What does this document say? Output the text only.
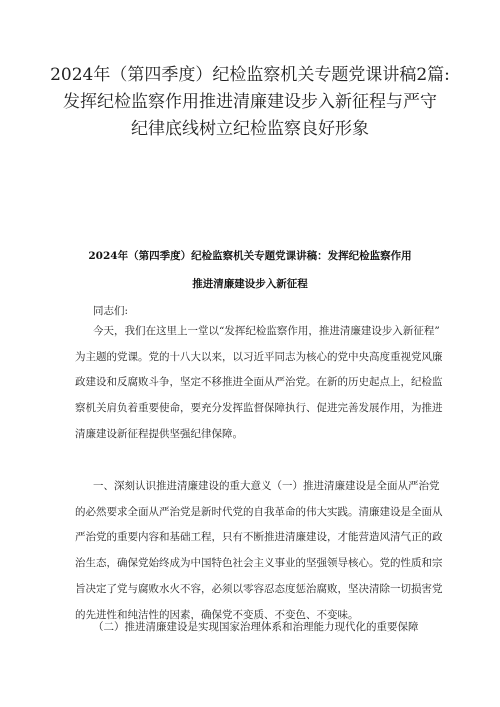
2024年（第四季度）纪检监察机关专题党课讲稿2篇:
发挥纪检监察作用推进清廉建设步入新征程与严守
纪律底线树立纪检监察良好形象
2024年（第四季度）纪检监察机关专题党课讲稿：发挥纪检监察作用
推进清廉建设步入新征程
同志们:
今天，我们在这里上一堂以“发挥纪检监察作用，推进清廉建设步入新征程”
为主题的党课。党的十八大以来，以习近平同志为核心的党中央高度重视党风廉
政建设和反腐败斗争，坚定不移推进全面从严治党。在新的历史起点上，纪检监
察机关肩负着重要使命，要充分发挥监督保障执行、促进完善发展作用，为推进
清廉建设新征程提供坚强纪律保障。
一、深刻认识推进清廉建设的重大意义（一）推进清廉建设是全面从严治党
的必然要求全面从严治党是新时代党的自我革命的伟大实践。清廉建设是全面从
严治党的重要内容和基础工程，只有不断推进清廉建设，才能营造风清气正的政
治生态，确保党始终成为中国特色社会主义事业的坚强领导核心。党的性质和宗
旨决定了党与腐败水火不容，必须以零容忍态度惩治腐败，坚决清除一切损害党
的先进性和纯洁性的因素，确保党不变质、不变色、不变味。
（二）推进清廉建设是实现国家治理体系和治理能力现代化的重要保障
